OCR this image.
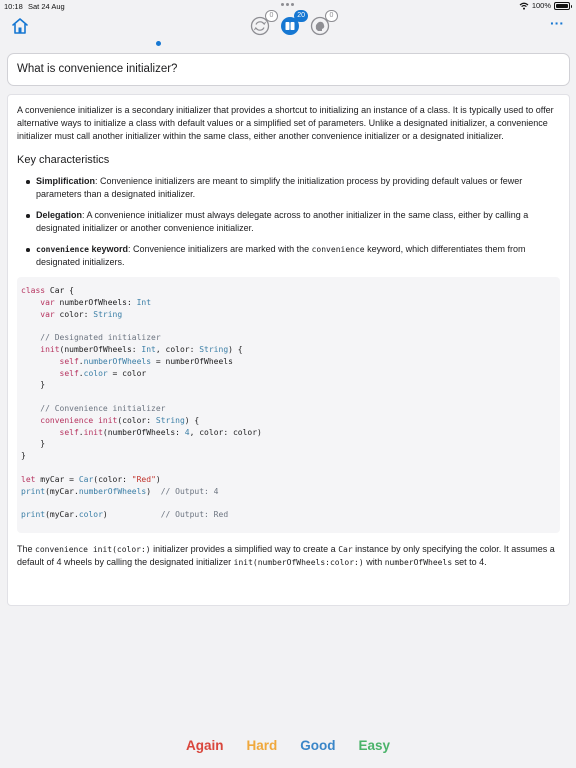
10:18 Sat 24 Aug	100%
0	20	0	···
What is convenience initializer?

A convenience initializer is a secondary initializer that provides a shortcut to initializing an instance of a class. It is typically used to offer alternative ways to initialize a class with default values or a simplified set of parameters. Unlike a designated initializer, a convenience initializer must call another initializer within the same class, either another convenience initializer or a designated initializer.

Key characteristics
Simplification: Convenience initializers are meant to simplify the initialization process by providing default values or fewer parameters than a designated initializer.
Delegation: A convenience initializer must always delegate across to another initializer in the same class, either by calling a designated initializer or another convenience initializer.
convenience keyword: Convenience initializers are marked with the convenience keyword, which differentiates them from designated initializers.
class Car {
var numberOfWheels: Int
var color: String

// Designated initializer
init(numberOfWheels: Int, color: String) {
self.numberOfWheels = numberOfWheels
self.color = color
}

// Convenience initializer
convenience init(color: String) {
self.init(numberOfWheels: 4, color: color)
}
}

let myCar = Car(color: "Red")
print(myCar.numberOfWheels)  // Output: 4

print(myCar.color)           // Output: Red

The convenience init(color:) initializer provides a simplified way to create a Car instance by only specifying the color. It assumes a default of 4 wheels by calling the designated initializer init(numberOfWheels:color:) with numberOfWheels set to 4.

Again Hard Good Easy
